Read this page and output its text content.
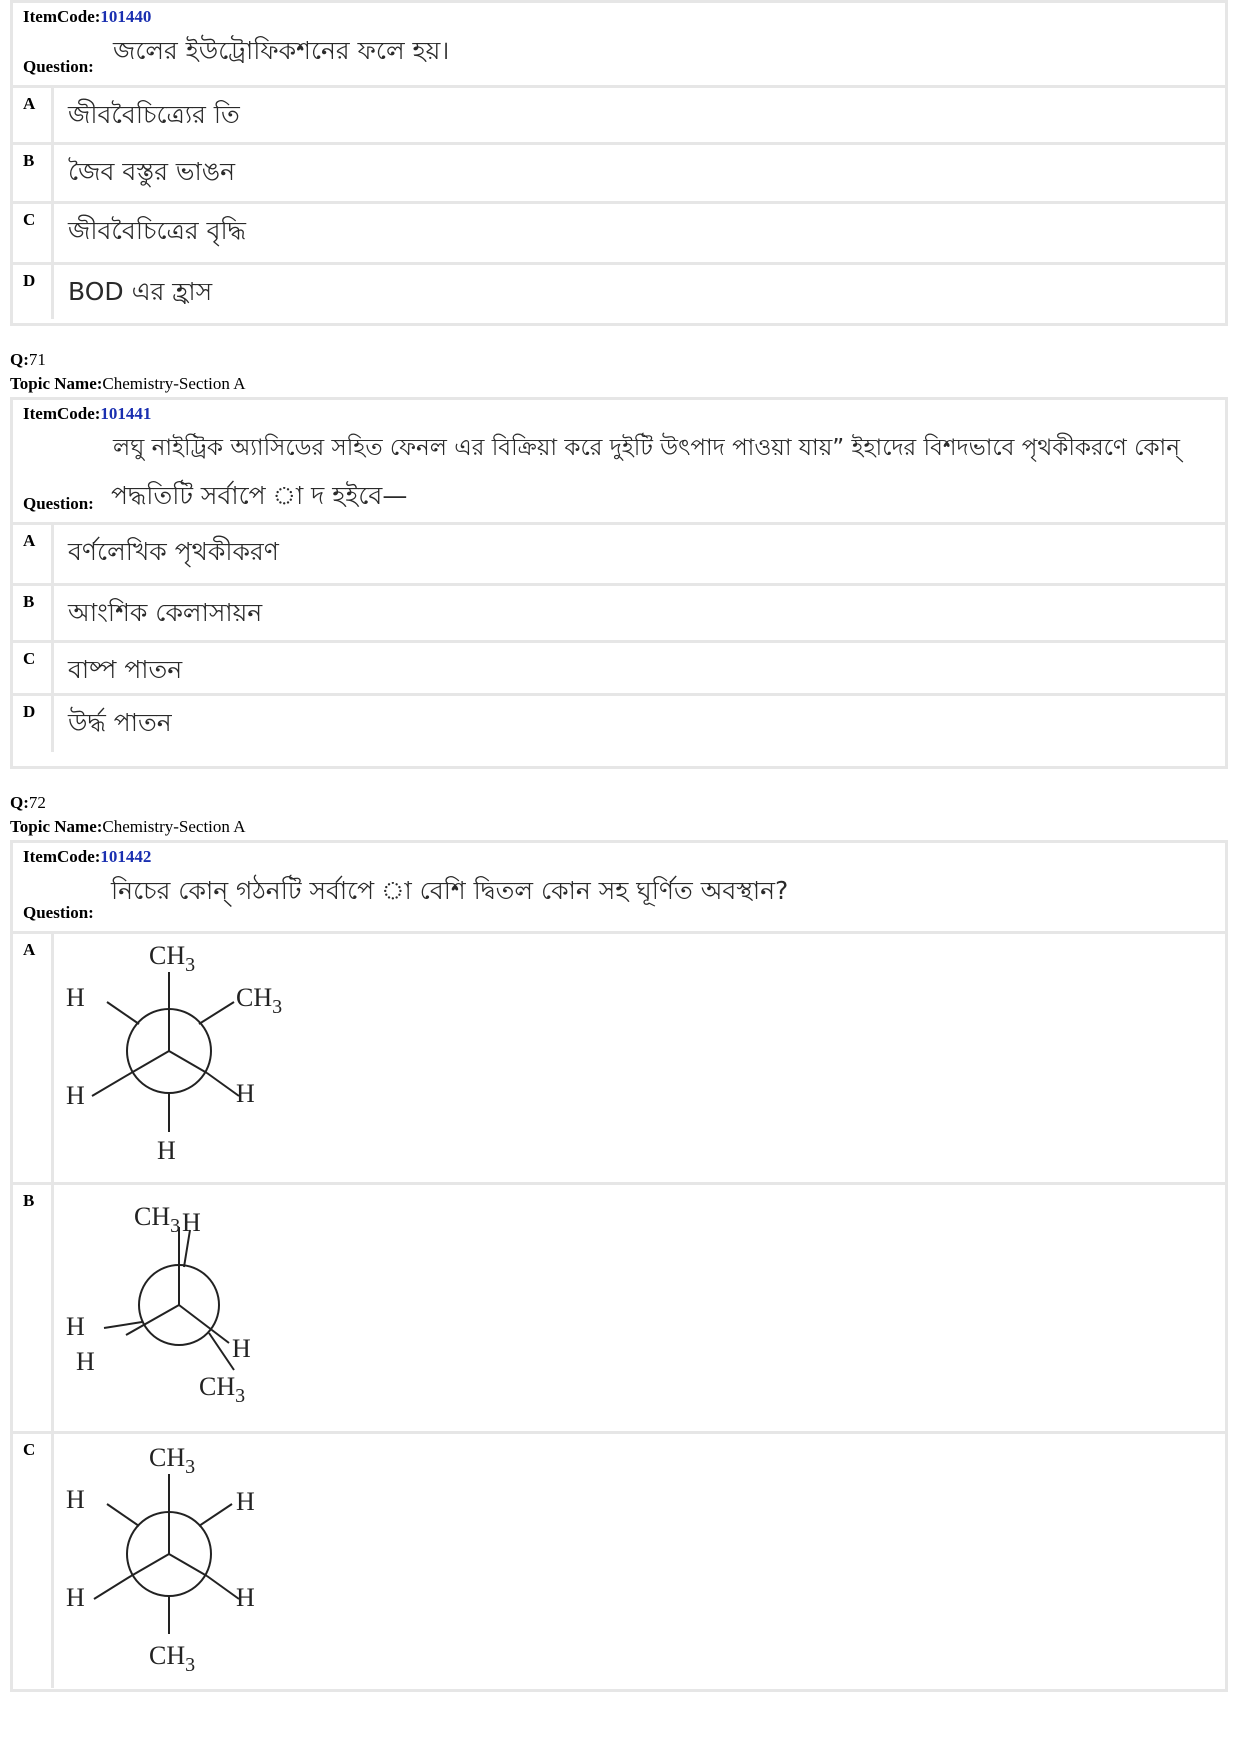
ItemCode:101440
Question:
জলের ইউট্রোফিকশনের ফলে হয়।
A	জীববৈচিত্র্যের তি
B	জৈব বস্তুর ভাঙন
C	জীববৈচিত্রের বৃদ্ধি
D	BOD এর হ্রাস
Q:71
Topic Name:Chemistry-Section A
ItemCode:101441
Question:
লঘু নাইট্রিক অ্যাসিডের সহিত ফেনল এর বিক্রিয়া করে দুইটি উৎপাদ পাওয়া যায়” ইহাদের বিশদভাবে পৃথকীকরণে কোন্
পদ্ধতিটি সর্বাপে া দ হইবে—
A	বর্ণলেখিক পৃথকীকরণ
B	আংশিক কেলাসায়ন
C	বাষ্প পাতন
D	উর্দ্ধ পাতন
Q:72
Topic Name:Chemistry-Section A
ItemCode:101442
Question:
নিচের কোন্ গঠনটি সর্বাপে া বেশি দ্বিতল কোন সহ ঘূর্ণিত অবস্থান?
A	$CH_3$
H	$CH_3$
H	H
H
B
$CH_3$ H
H
H	H
$CH_3$
C	$CH_3$
H	H
H	H
$CH_3$
